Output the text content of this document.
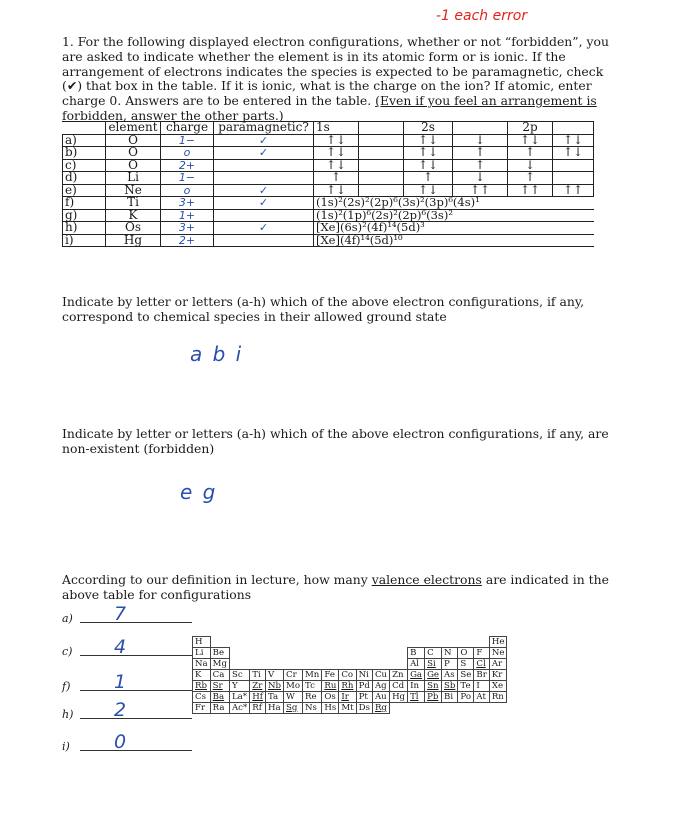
-1 each error
1. For the following displayed electron configurations, whether or not “forbidden”, you are asked to indicate whether the element is in its atomic form or is ionic. If the arrangement of electrons indicates the species is expected to be paramagnetic, check (✔) that box in the table. If it is ionic, what is the charge on the ion? If atomic, enter charge 0. Answers are to be entered in the table. (Even if you feel an arrangement is forbidden, answer the other parts.)
	element	charge	paramagnetic?	1s		2s		2p	
a)	O	1−	✓	↑↓		↑↓	↓	↑↓	↑↓
b)	O	o	✓	↑↓		↑↓	↑	↑	↑↓
c)	O	2+		↑↓		↑↓	↑	↓	
d)	Li	1−		↑		↑	↓	↑	
e)	Ne	o	✓	↑↓		↑↓	↑↑	↑↑	↑↑
f)	Ti	3+	✓	(1s)²(2s)²(2p)⁶(3s)²(3p)⁶(4s)¹					
g)	K	1+		(1s)²(1p)⁶(2s)²(2p)⁶(3s)²					
h)	Os	3+	✓	[Xe](6s)²(4f)¹⁴(5d)³					
i)	Hg	2+		[Xe](4f)¹⁴(5d)¹⁰					
Indicate by letter or letters (a-h) which of the above electron configurations, if any, correspond to chemical species in their allowed ground state
a b i
Indicate by letter or letters (a-h) which of the above electron configurations, if any, are non-existent (forbidden)
e g
According to our definition in lecture, how many valence electrons are indicated in the above table for configurations
a) 7
c) 4
f) 1
h) 2
i) 0
H																	He
Li	Be											B	C	N	O	F	Ne
Na	Mg											Al	Si	P	S	Cl	Ar
K	Ca	Sc	Ti	V	Cr	Mn	Fe	Co	Ni	Cu	Zn	Ga	Ge	As	Se	Br	Kr
Rb	Sr	Y	Zr	Nb	Mo	Tc	Ru	Rh	Pd	Ag	Cd	In	Sn	Sb	Te	I	Xe
Cs	Ba	La*	Hf	Ta	W	Re	Os	Ir	Pt	Au	Hg	Tl	Pb	Bi	Po	At	Rn
Fr	Ra	Ac*	Rf	Ha	Sg	Ns	Hs	Mt	Ds	Rg							
